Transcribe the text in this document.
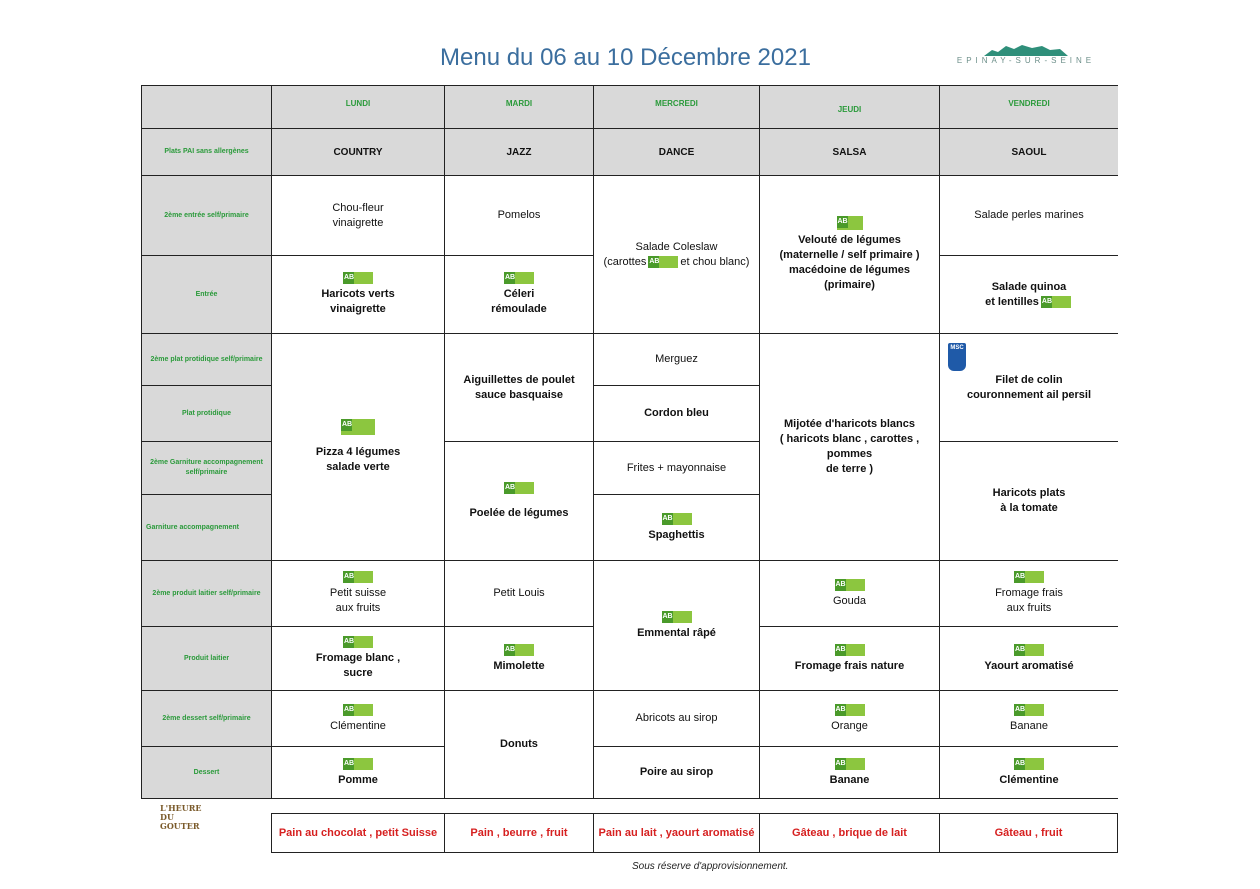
Menu du 06 au 10 Décembre 2021	EPINAY-SUR-SEINE
LUNDI	MARDI	MERCREDI
JEUDI
VENDREDI
Plats PAI sans allergènes	COUNTRY	JAZZ	DANCE	SALSA	SAOUL
2ème entrée self/primaire
Entrée
2ème plat protidique self/primaire
Plat protidique
2ème Garniture accompagnement self/primaire
Garniture accompagnement
2ème produit laitier self/primaire
Produit laitier
2ème dessert self/primaire
Dessert
Chou-fleur
vinaigrette
AB
Haricots verts
vinaigrette
AB
Pizza 4 légumes
salade verte
AB
Petit suisse
aux fruits
AB
Fromage blanc ,
sucre
AB
Clémentine
AB
Pomme
Pomelos
AB
Céleri
rémoulade
Aiguillettes de poulet
sauce basquaise
AB
Poelée de légumes
Petit Louis
AB
Mimolette
Donuts
Salade Coleslaw
(carottesAB	et chou blanc)
Merguez
Cordon bleu
Frites + mayonnaise
AB
Spaghettis
AB
Emmental râpé
Abricots au sirop
Poire au sirop
AB
Velouté de légumes
(maternelle / self primaire )
macédoine de légumes
(primaire)
Mijotée d'haricots blancs
( haricots blanc , carottes , pommes
de terre )
AB
Gouda
AB
Fromage frais nature
AB
Orange
AB
Banane
Salade perles marines
Salade quinoa
et lentillesAB
Filet de colin
couronnement ail persil
Haricots plats
à la tomate
AB
Fromage frais
aux fruits
AB
Yaourt aromatisé
AB
Banane
AB
Clémentine
MSC
L'HEURE DU GOUTER
Pain au chocolat , petit Suisse	Pain , beurre , fruit	Pain au lait , yaourt aromatisé	Gâteau , brique de lait	Gâteau , fruit
Sous réserve d'approvisionnement.
